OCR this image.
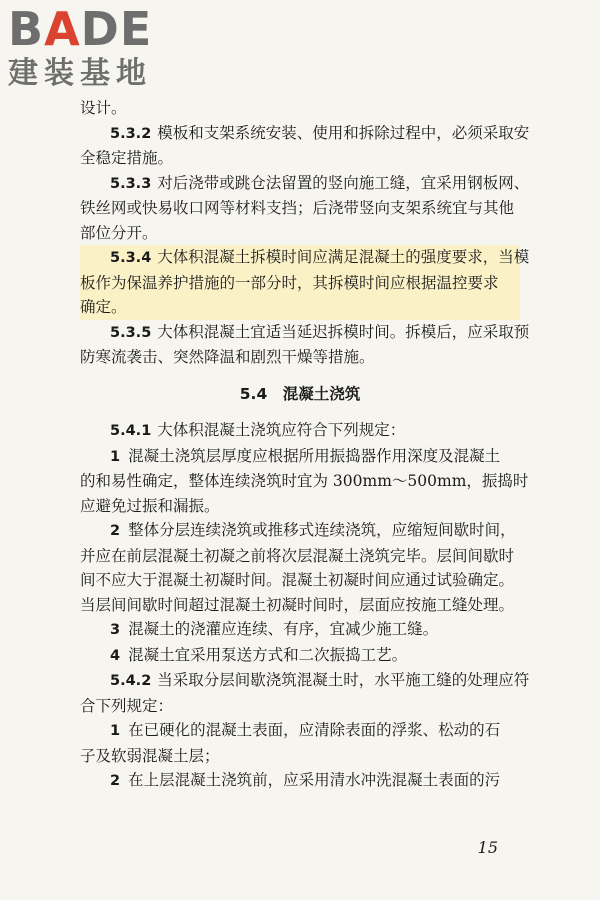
BADE
建装基地

设计。

5.3.2 模板和支架系统安装、使用和拆除过程中，必须采取安

全稳定措施。

5.3.3 对后浇带或跳仓法留置的竖向施工缝，宜采用钢板网、

铁丝网或快易收口网等材料支挡；后浇带竖向支架系统宜与其他

部位分开。

5.3.4 大体积混凝土拆模时间应满足混凝土的强度要求，当模

板作为保温养护措施的一部分时，其拆模时间应根据温控要求

确定。

5.3.5 大体积混凝土宜适当延迟拆模时间。拆模后，应采取预

防寒流袭击、突然降温和剧烈干燥等措施。

5.4　混凝土浇筑

5.4.1 大体积混凝土浇筑应符合下列规定：

1 混凝土浇筑层厚度应根据所用振捣器作用深度及混凝土

的和易性确定，整体连续浇筑时宜为 300mm～500mm，振捣时

应避免过振和漏振。

2 整体分层连续浇筑或推移式连续浇筑，应缩短间歇时间，

并应在前层混凝土初凝之前将次层混凝土浇筑完毕。层间间歇时

间不应大于混凝土初凝时间。混凝土初凝时间应通过试验确定。

当层间间歇时间超过混凝土初凝时间时，层面应按施工缝处理。

3 混凝土的浇灌应连续、有序，宜减少施工缝。

4 混凝土宜采用泵送方式和二次振捣工艺。

5.4.2 当采取分层间歇浇筑混凝土时，水平施工缝的处理应符

合下列规定：

1 在已硬化的混凝土表面，应清除表面的浮浆、松动的石

子及软弱混凝土层；

2 在上层混凝土浇筑前，应采用清水冲洗混凝土表面的污

15
